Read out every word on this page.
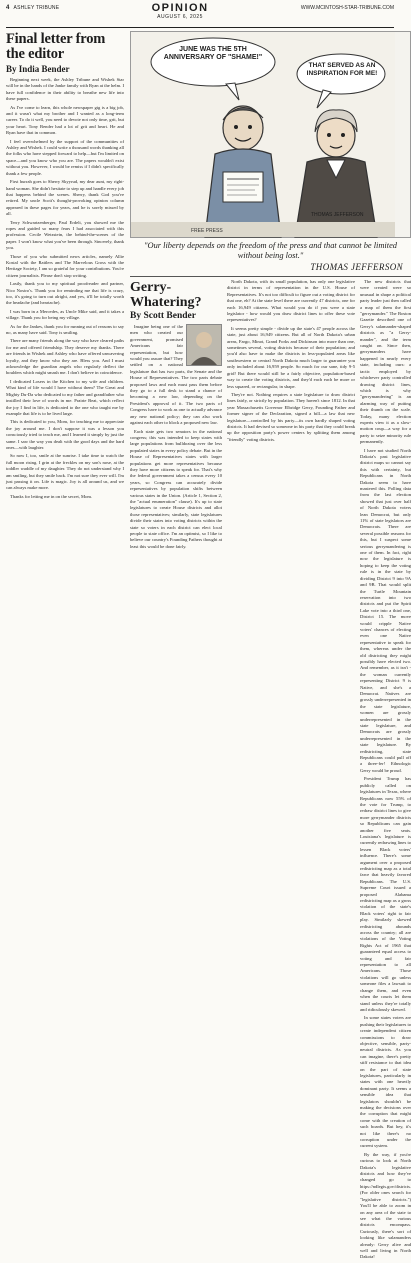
4 ASHLEY TRIBUNE	OPINION
AUGUST 6, 2025
WWW.MCINTOSH-STAR-TRIBUNE.COM
Final letter from the editor
By India Bender

Beginning next week, the Ashley Tribune and Wishek Star will be in the hands of the Janke family with Ryan at the helm. I have full confidence in their ability to breathe new life into these papers.

As I've come to learn, this whole newspaper gig is a big job, and it wasn't what my brother and I wanted as a long-term career. To do it well, you need to devote not only time, grit, but your heart. Tony Bender had a lot of grit and heart. He and Ryan have that in common.

I feel overwhelmed by the support of the communities of Ashley and Wishek. I could write a thousand words thanking all the folks who have stepped forward to help—but I'm limited on space—and you know who you are. The papers wouldn't exist without you. However, I would be remiss if I didn't specifically thank a few people.

First hurrah goes to Sherry Skyyrud, my dear aunt, my right-hand woman. She didn't hesitate to step up and handle every job that happens behind the scenes. Sherry, thank God you've retired. My uncle Scott's thought-provoking opinion column appeared in these pages for years, and he is sorely missed by all.

Terry Schwartzenberger, Paul Erdelt, you showed me the ropes and guided so many fears I had associated with this profession. Cecile Wetzstein, the behind-the-scenes of the paper. I won't know what you've been through. Sincerely, thank you.

Those of you who submitted news articles, namely Allie Kostal with the Rattlers and The Marvelous Gross with the Heritage Society, I am so grateful for your contributions. You're citizen journalists. Please don't stop writing.

Lastly, thank you to my spiritual proofreader and partner, Nico Nostro's. Thank you for reminding me that life is crazy, too, it's going to turn out alright, and yes, it'll be totally worth the headache (and heartache).

I was born in a Mercedes, as Uncle Mike said, and it takes a village. Thank you for being my village.

As for the Jankes, thank you for running out of reasons to say no, as many have said. Tony is smiling.

There are many friends along the way who have cleared paths for me and offered friendship. They deserve my thanks. There are friends in Wishek and Ashley who have offered unwavering loyalty, and they know who they are. Bless you. And I must acknowledge the guardian angels who regularly deflect the boulders which might smash me. I don't believe in coincidence.

I dedicated Losers in the Kitchen to my wife and children. What kind of life would I have without them? The Great and Mighty Du-Da who dedicated to my father and grandfather who instilled their love of words in me. Prairie Beat, which reflect the joy I find in life, is dedicated to the one who taught me by example that life is to be lived large.

This is dedicated to you, Mom, for teaching me to appreciate the joy around me. I don't suppose it was a lesson you consciously tried to teach me, and I learned it simply by just the same. I saw the way you dealt with the good days and the hard ones—with laughter.

So now I, too, smile at the sunrise. I take time to watch the full moon rising. I grin at the freckles on my son's nose, at the toddler waddle of my daughter. They do not understand why I am smiling, but they smile back. I'm not sure they ever will. I'm just passing it on. Life is magic. Joy is all around us, and we can always make more.

Thanks for letting me in on the secret, Mom.

FREE PRESS
JUNE WAS THE 5TH ANNIVERSARY OF "SHAME!"
THAT SERVED AS AN INSPIRATION FOR ME!
THOMAS JEFFERSON
"Our liberty depends on the freedom of the press and that cannot be limited without being lost."
THOMAS JEFFERSON
Gerry-Whatering?
By Scott Bender

Imagine being one of the men who created our government, promised Americans fair representation, but how would you assure that? They settled on a national legislature that has two parts, the Senate and the House of Representatives. The two parts debate proposed laws and each must pass them before they go to a full desk to stand a chance of becoming a new law, depending on the President's approval of it. The two parts of Congress have to work as one to actually advance any new national policy; they can also work against each other to block a proposed new law.

Each state gets two senators in the national congress; this was intended to keep states with large populations from bulldozing over the less populated states in every policy debate. But in the House of Representatives states with larger populations get more representatives because they have more citizens to speak for. That's why the federal government takes a census every 10 years, so Congress can accurately divide representatives by population shifts between various states in the Union. (Article 1, Section 2, the "actual enumeration" clause). It's up to state legislatures to create House districts and allot those representatives; similarly, state legislatures divide their states into voting districts within the state so voters in each district can elect local people to state office. I'm an optimist, so I like to believe our country's Founding Fathers thought at least this would be done fairly.

North Dakota, with its small population, has only one legislative district in terms of representation in the U.S. House of Representatives. It's not too difficult to figure out a voting district for that one, eh? At the state level there are currently 47 districts, one for each 16,949 citizens. What would you do if you were a state legislator - how would you draw district lines to offer these vote representatives?

It seems pretty simple - divide up the state's 47 people across the state, just about 16,949 citizens. But all of North Dakota's urban areas, Fargo, Minot, Grand Forks and Dickinson into more than one, sometimes several, voting districts because of their population; and you'd also have to make the districts in less-populated areas like southwestern or central North Dakota much larger to guarantee you only included about 16,959 people. So much for our sane, tidy 9-5 grid! But there would still be a fairly objective, population-based way to create the voting districts, and they'd each each be more or less squared, or rectangular, in shape.

They're not. Nothing requires a state legislature to draw district lines fairly, or strictly by population. They haven't since 1812. In that year Massachusetts Governor Elbridge Gerry, Founding Father and former signer of the Declaration, signed a bill—a law that new legislature—controlled by his party—its own hardly shaped voting districts. It had devised so someone in his party that they could break up the opposition party's power centers by splitting them among "friendly" voting districts.

The new districts that were created were so unusual in shape a political party leader just then called a map of them the first "gerrymander." The Boston Gazette described one of Gerry's salamander-shaped districts as "a Gerry-mander", and the term caught on. Since then, gerrymanders have happened in nearly every state, including ours: a tactic employed by whichever party controlled drawing district lines, which is why "gerrymandering" is an alarming way of putting their thumb on the scale. Today, many election experts view it as a slow-motion coup—a way for a party to seize minority rule permanently.

I have not studied North Dakota's past legislative district maps so cannot say this with certainty, but Republicans in North Dakota seem to have mastered this. Polling data from the last election showed that just over half of North Dakota voters lean Democrat, but only 11% of state legislators are Democrats. There are several possible reasons for this, but I suspect some serious gerrymandering is one of them. In fact, right now the legislature is hoping to keep the voting rule is in the state by dividing District 9 into 9A and 9B. That would split the Turtle Mountain reservation into two districts and put the Spirit Lake vote into a third one, District 15. The move would cripple Native voters' chances of electing even one Native representative to speak for them, whereas under the old districting they might possibly have elected two. And remember, as it isn't - the woman currently representing District 9 is Native, and she's a Democrat. Natives are grossly underrepresented in the state legislature, women are grossly underrepresented in the state legislature, and Democrats are grossly underrepresented in the state legislature. By redistricting, state Republicans could pull off a three-fer! Ethnologic Gerry would be proud.

President Trump has publicly called on legislatures in Texas, where Republicans now 55% of the vote for Trump, to redraw district lines to give more gerrymander districts so Republicans can gain another five seats. Louisiana's legislature is currently redrawing lines to lessen Black voters' influence. There's some argument over a proposed redistricting map as a total farce that heavily favored Republicans. The U.S. Supreme Court issued a proposed Alabama redistricting map as a gross violation of the state's Black voters' right to fair play. Similarly skewed redistricting abounds across the country; all are violations of the Voting Rights Act of 1965 that guaranteed equal access to voting and fair representation to all Americans. Those violations will go unless someone files a lawsuit to change them, and even when the courts let them stand unless they're totally and ridiculously skewed.

In some states voters are pushing their legislatures to create independent citizen commissions to draw objective, sensible, party-neutral districts. As you can imagine, there's pretty stiff resistance to that idea on the part of state legislatures, particularly in states with one heavily dominant party. It seems a sensible idea that legislators shouldn't be making the decisions over the corruption that might come with the creation of such boards. But hey, it's not like there's no corruption under the current system.

By the way, if you're curious to look at North Dakota's legislative districts and how they've changed go to https://ndlegis.gov/districts. (For older ones search for "legislative districts.") You'll be able to zoom in on any area of the state to see what the various districts encompass. Curiously, there's sort of looking like salamanders already: Gerry alive and well and living in North Dakota!
